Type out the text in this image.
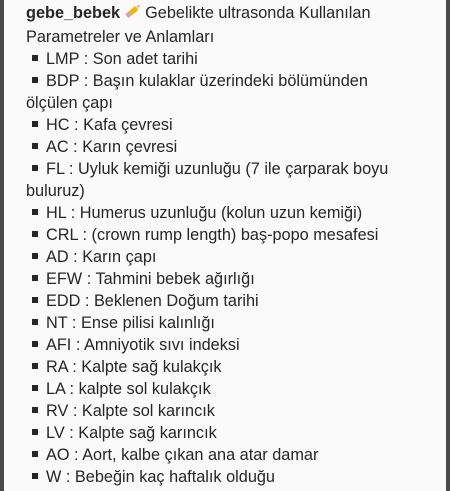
gebe_bebek Gebelikte ultrasonda Kullanılan Parametreler ve Anlamları

LMP : Son adet tarihi

BDP : Başın kulaklar üzerindeki bölümünden

ölçülen çapı

HC : Kafa çevresi

AC : Karın çevresi

FL : Uyluk kemiği uzunluğu (7 ile çarparak boyu

buluruz)

HL : Humerus uzunluğu (kolun uzun kemiği)

CRL : (crown rump length) baş-popo mesafesi

AD : Karın çapı

EFW : Tahmini bebek ağırlığı

EDD : Beklenen Doğum tarihi

NT : Ense pilisi kalınlığı

AFI : Amniyotik sıvı indeksi

RA : Kalpte sağ kulakçık

LA : kalpte sol kulakçık

RV : Kalpte sol karıncık

LV : Kalpte sağ karıncık

AO : Aort, kalbe çıkan ana atar damar

W : Bebeğin kaç haftalık olduğu
